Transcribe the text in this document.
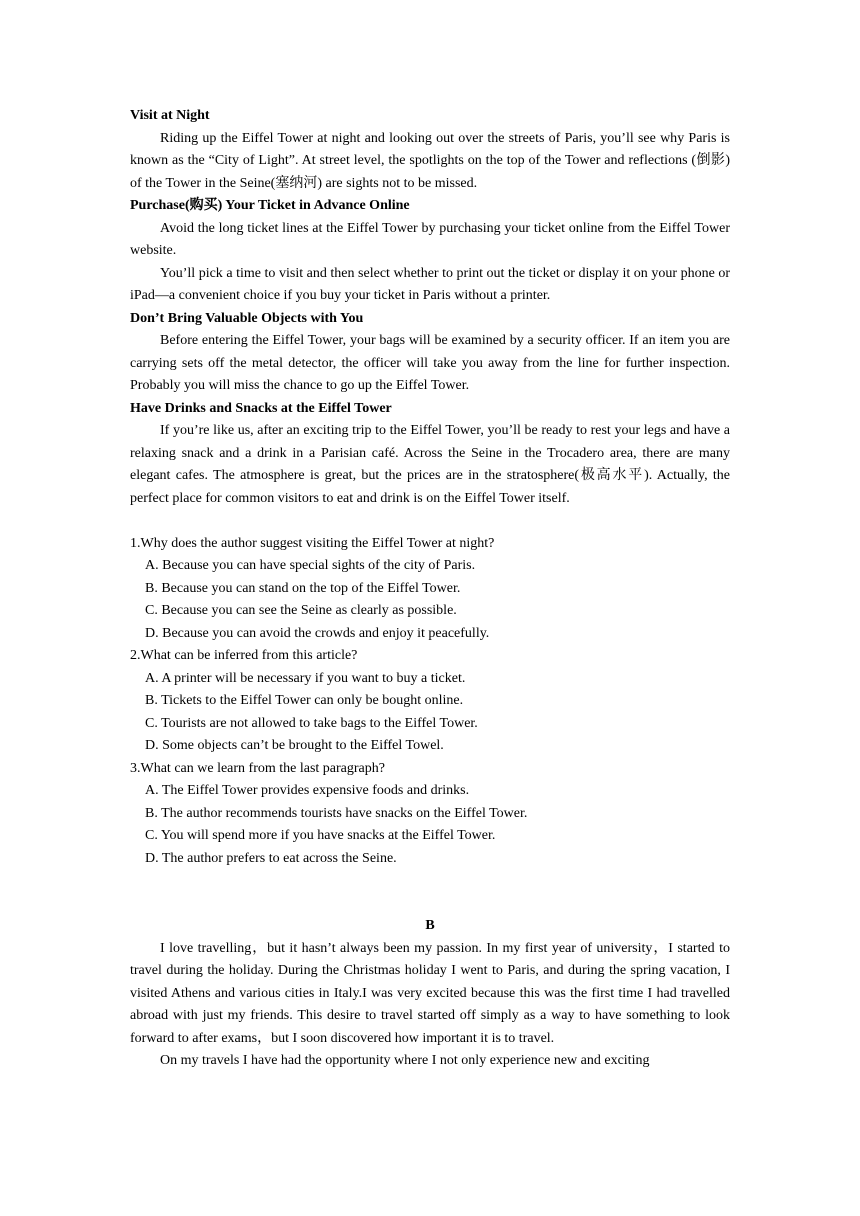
Visit at Night

Riding up the Eiffel Tower at night and looking out over the streets of Paris, you’ll see why Paris is known as the “City of Light”. At street level, the spotlights on the top of the Tower and reflections (倒影) of the Tower in the Seine(塞纳河) are sights not to be missed.

Purchase(购买) Your Ticket in Advance Online

Avoid the long ticket lines at the Eiffel Tower by purchasing your ticket online from the Eiffel Tower website.

You’ll pick a time to visit and then select whether to print out the ticket or display it on your phone or iPad—a convenient choice if you buy your ticket in Paris without a printer.

Don’t Bring Valuable Objects with You

Before entering the Eiffel Tower, your bags will be examined by a security officer. If an item you are carrying sets off the metal detector, the officer will take you away from the line for further inspection. Probably you will miss the chance to go up the Eiffel Tower.

Have Drinks and Snacks at the Eiffel Tower

If you’re like us, after an exciting trip to the Eiffel Tower, you’ll be ready to rest your legs and have a relaxing snack and a drink in a Parisian café. Across the Seine in the Trocadero area, there are many elegant cafes. The atmosphere is great, but the prices are in the stratosphere(极高水平). Actually, the perfect place for common visitors to eat and drink is on the Eiffel Tower itself.

1.Why does the author suggest visiting the Eiffel Tower at night?
A. Because you can have special sights of the city of Paris.
B. Because you can stand on the top of the Eiffel Tower.
C. Because you can see the Seine as clearly as possible.
D. Because you can avoid the crowds and enjoy it peacefully.
2.What can be inferred from this article?
A. A printer will be necessary if you want to buy a ticket.
B. Tickets to the Eiffel Tower can only be bought online.
C. Tourists are not allowed to take bags to the Eiffel Tower.
D. Some objects can’t be brought to the Eiffel Towel.
3.What can we learn from the last paragraph?
A. The Eiffel Tower provides expensive foods and drinks.
B. The author recommends tourists have snacks on the Eiffel Tower.
C. You will spend more if you have snacks at the Eiffel Tower.
D. The author prefers to eat across the Seine.
B

I love travelling，but it hasn’t always been my passion. In my first year of university，I started to travel during the holiday. During the Christmas holiday I went to Paris, and during the spring vacation, I visited Athens and various cities in Italy.I was very excited because this was the first time I had travelled abroad with just my friends. This desire to travel started off simply as a way to have something to look forward to after exams，but I soon discovered how important it is to travel.

On my travels I have had the opportunity where I not only experience new and exciting
